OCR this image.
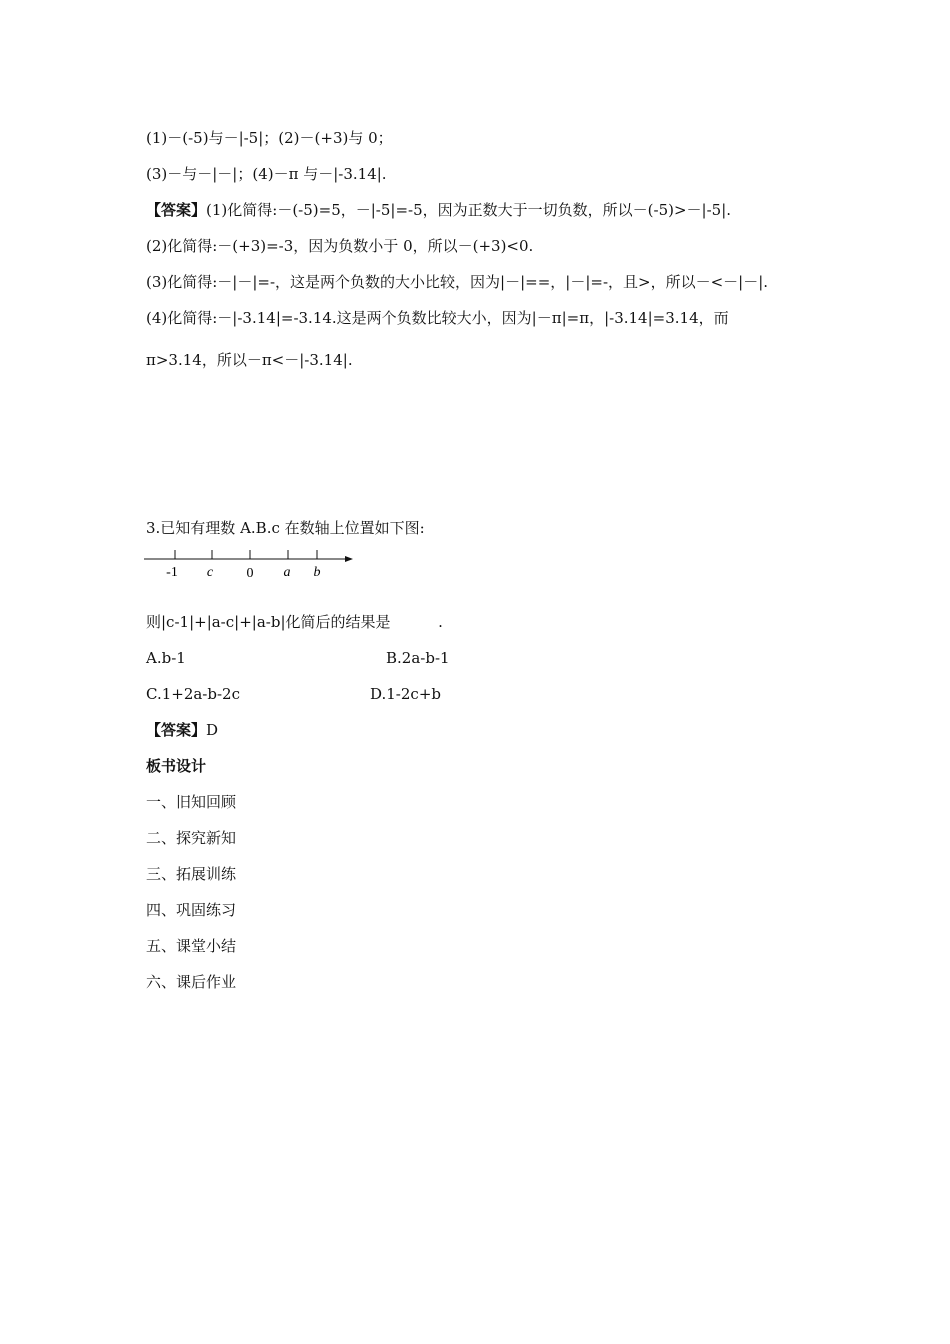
(1)－(-5)与－|-5|；(2)－(+3)与 0；
(3)－与－|－|；(4)－π 与－|-3.14|.
【答案】(1)化简得:－(-5)=5，－|-5|=-5，因为正数大于一切负数，所以－(-5)>－|-5|.
(2)化简得:－(+3)=-3，因为负数小于 0，所以－(+3)<0.
(3)化简得:－|－|=-，这是两个负数的大小比较，因为|－|==，|－|=-，且>，所以－<－|－|.
(4)化简得:－|-3.14|=-3.14.这是两个负数比较大小，因为|－π|=π，|-3.14|=3.14，而
π>3.14，所以－π<－|-3.14|.
3.已知有理数 A.B.c 在数轴上位置如下图:
-1 c 0 a b
则|c-1|+|a-c|+|a-b|化简后的结果是          .
A.b-1	B.2a-b-1
C.1+2a-b-2c	D.1-2c+b
【答案】D
板书设计
一、旧知回顾
二、探究新知
三、拓展训练
四、巩固练习
五、课堂小结
六、课后作业
